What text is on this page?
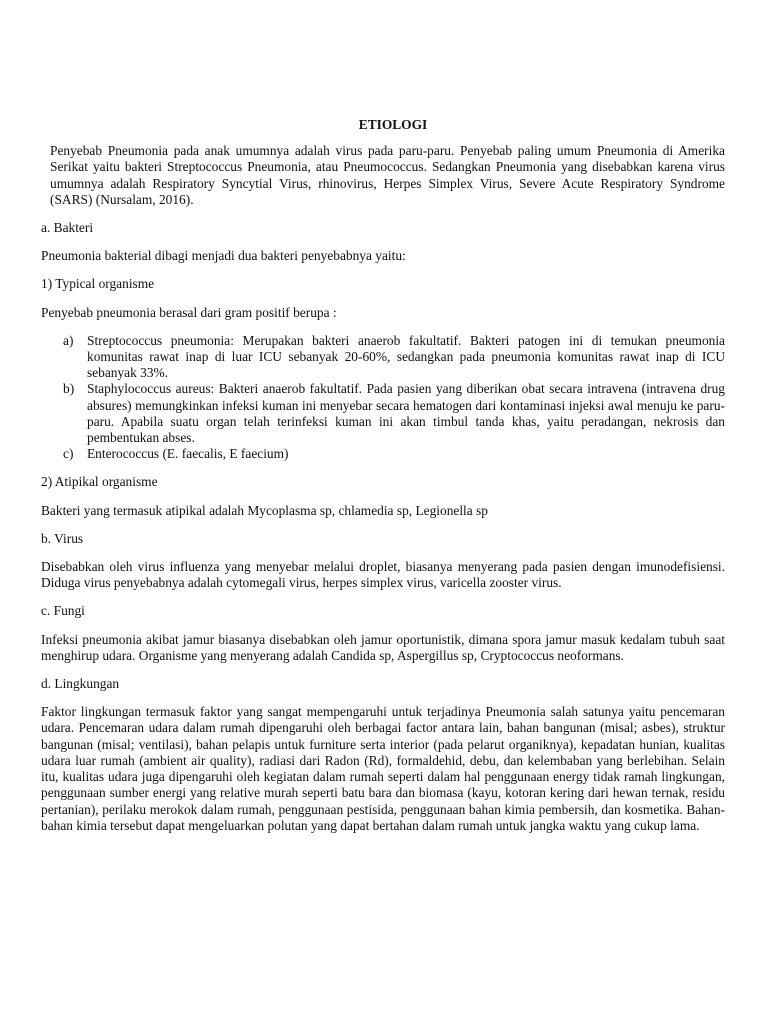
ETIOLOGI

Penyebab Pneumonia pada anak umumnya adalah virus pada paru-paru. Penyebab paling umum Pneumonia di Amerika Serikat yaitu bakteri Streptococcus Pneumonia, atau Pneumococcus. Sedangkan Pneumonia yang disebabkan karena virus umumnya adalah Respiratory Syncytial Virus, rhinovirus, Herpes Simplex Virus, Severe Acute Respiratory Syndrome (SARS) (Nursalam, 2016).

a. Bakteri

Pneumonia bakterial dibagi menjadi dua bakteri penyebabnya yaitu:

1) Typical organisme

Penyebab pneumonia berasal dari gram positif berupa :

a) Streptococcus pneumonia: Merupakan bakteri anaerob fakultatif. Bakteri patogen ini di temukan pneumonia komunitas rawat inap di luar ICU sebanyak 20-60%, sedangkan pada pneumonia komunitas rawat inap di ICU sebanyak 33%.
b) Staphylococcus aureus: Bakteri anaerob fakultatif. Pada pasien yang diberikan obat secara intravena (intravena drug absures) memungkinkan infeksi kuman ini menyebar secara hematogen dari kontaminasi injeksi awal menuju ke paru- paru. Apabila suatu organ telah terinfeksi kuman ini akan timbul tanda khas, yaitu peradangan, nekrosis dan pembentukan abses.
c) Enterococcus (E. faecalis, E faecium)

2) Atipikal organisme

Bakteri yang termasuk atipikal adalah Mycoplasma sp, chlamedia sp, Legionella sp

b. Virus

Disebabkan oleh virus influenza yang menyebar melalui droplet, biasanya menyerang pada pasien dengan imunodefisiensi. Diduga virus penyebabnya adalah cytomegali virus, herpes simplex virus, varicella zooster virus.

c. Fungi

Infeksi pneumonia akibat jamur biasanya disebabkan oleh jamur oportunistik, dimana spora jamur masuk kedalam tubuh saat menghirup udara. Organisme yang menyerang adalah Candida sp, Aspergillus sp, Cryptococcus neoformans.

d. Lingkungan

Faktor lingkungan termasuk faktor yang sangat mempengaruhi untuk terjadinya Pneumonia salah satunya yaitu pencemaran udara. Pencemaran udara dalam rumah dipengaruhi oleh berbagai factor antara lain, bahan bangunan (misal; asbes), struktur bangunan (misal; ventilasi), bahan pelapis untuk furniture serta interior (pada pelarut organiknya), kepadatan hunian, kualitas udara luar rumah (ambient air quality), radiasi dari Radon (Rd), formaldehid, debu, dan kelembaban yang berlebihan. Selain itu, kualitas udara juga dipengaruhi oleh kegiatan dalam rumah seperti dalam hal penggunaan energy tidak ramah lingkungan, penggunaan sumber energi yang relative murah seperti batu bara dan biomasa (kayu, kotoran kering dari hewan ternak, residu pertanian), perilaku merokok dalam rumah, penggunaan pestisida, penggunaan bahan kimia pembersih, dan kosmetika. Bahan-bahan kimia tersebut dapat mengeluarkan polutan yang dapat bertahan dalam rumah untuk jangka waktu yang cukup lama.
